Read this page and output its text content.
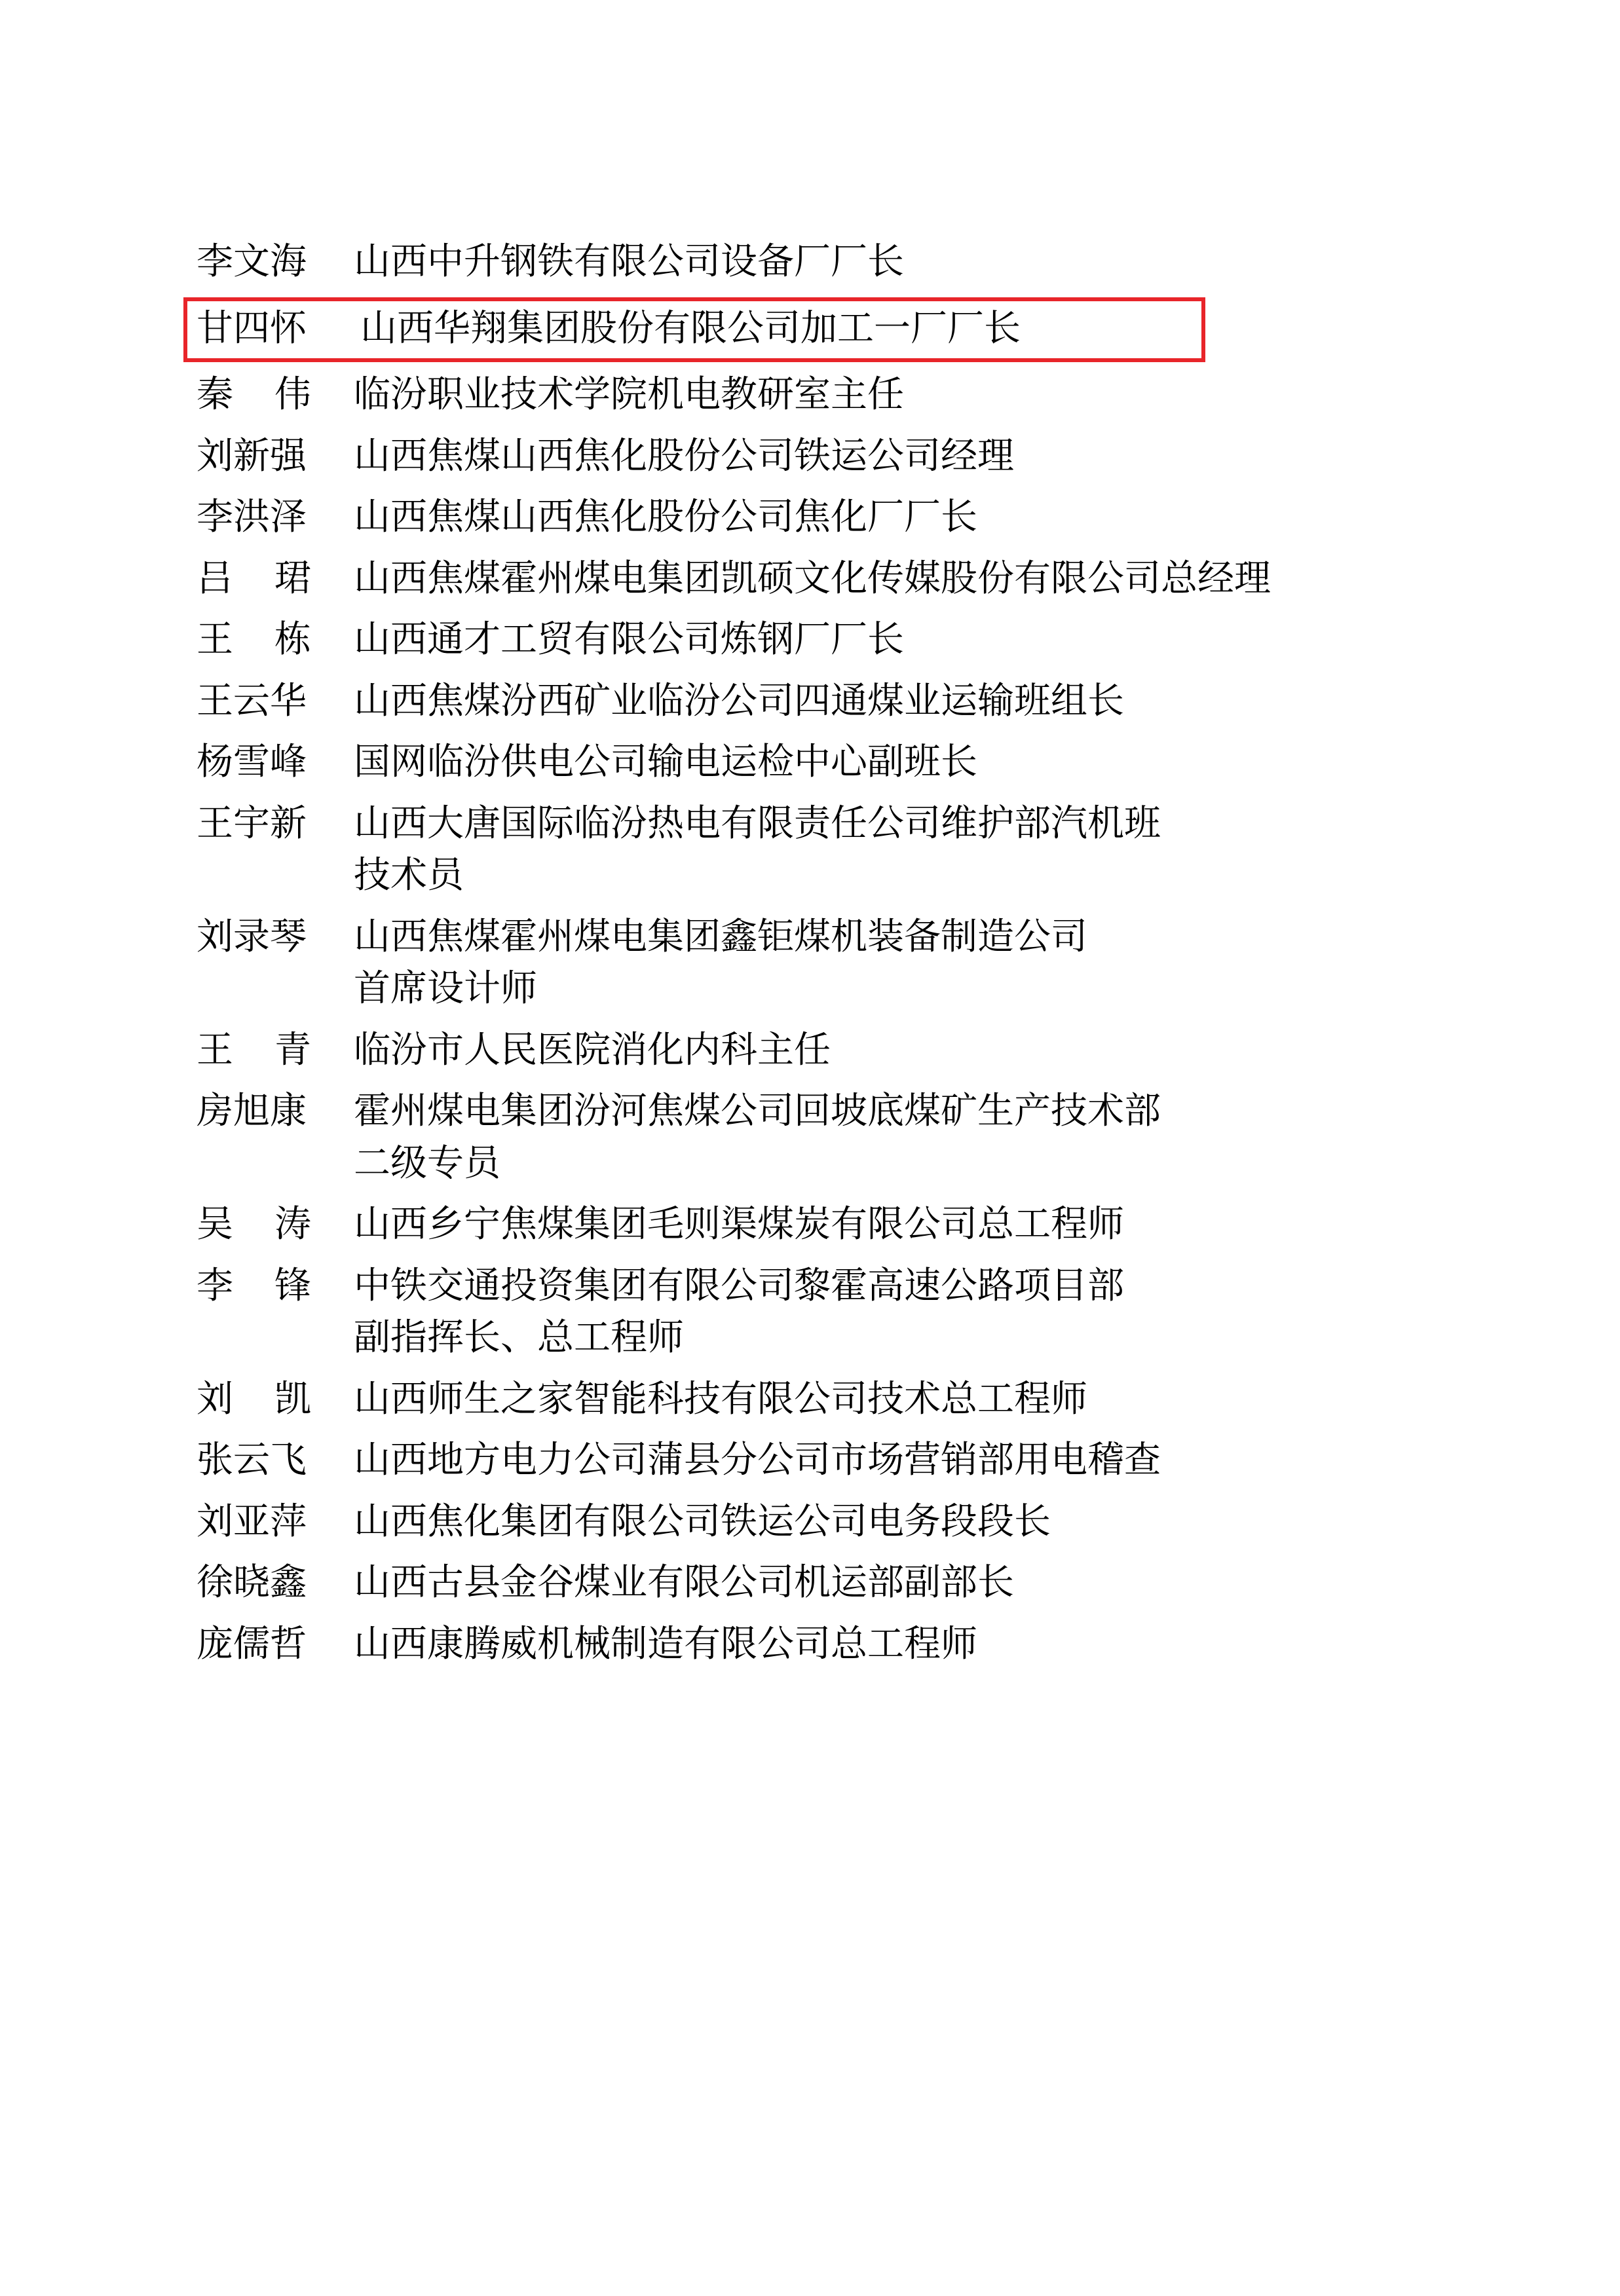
李文海	山西中升钢铁有限公司设备厂厂长
甘四怀	山西华翔集团股份有限公司加工一厂厂长
秦 伟	临汾职业技术学院机电教研室主任
刘新强	山西焦煤山西焦化股份公司铁运公司经理
李洪泽	山西焦煤山西焦化股份公司焦化厂厂长
吕 珺	山西焦煤霍州煤电集团凯硕文化传媒股份有限公司总经理
王 栋	山西通才工贸有限公司炼钢厂厂长
王云华	山西焦煤汾西矿业临汾公司四通煤业运输班组长
杨雪峰	国网临汾供电公司输电运检中心副班长
王宇新	山西大唐国际临汾热电有限责任公司维护部汽机班
技术员
刘录琴	山西焦煤霍州煤电集团鑫钜煤机装备制造公司
首席设计师
王 青	临汾市人民医院消化内科主任
房旭康	霍州煤电集团汾河焦煤公司回坡底煤矿生产技术部
二级专员
吴 涛	山西乡宁焦煤集团毛则渠煤炭有限公司总工程师
李 锋	中铁交通投资集团有限公司黎霍高速公路项目部
副指挥长、总工程师
刘 凯	山西师生之家智能科技有限公司技术总工程师
张云飞	山西地方电力公司蒲县分公司市场营销部用电稽查
刘亚萍	山西焦化集团有限公司铁运公司电务段段长
徐晓鑫	山西古县金谷煤业有限公司机运部副部长
庞儒哲	山西康腾威机械制造有限公司总工程师
